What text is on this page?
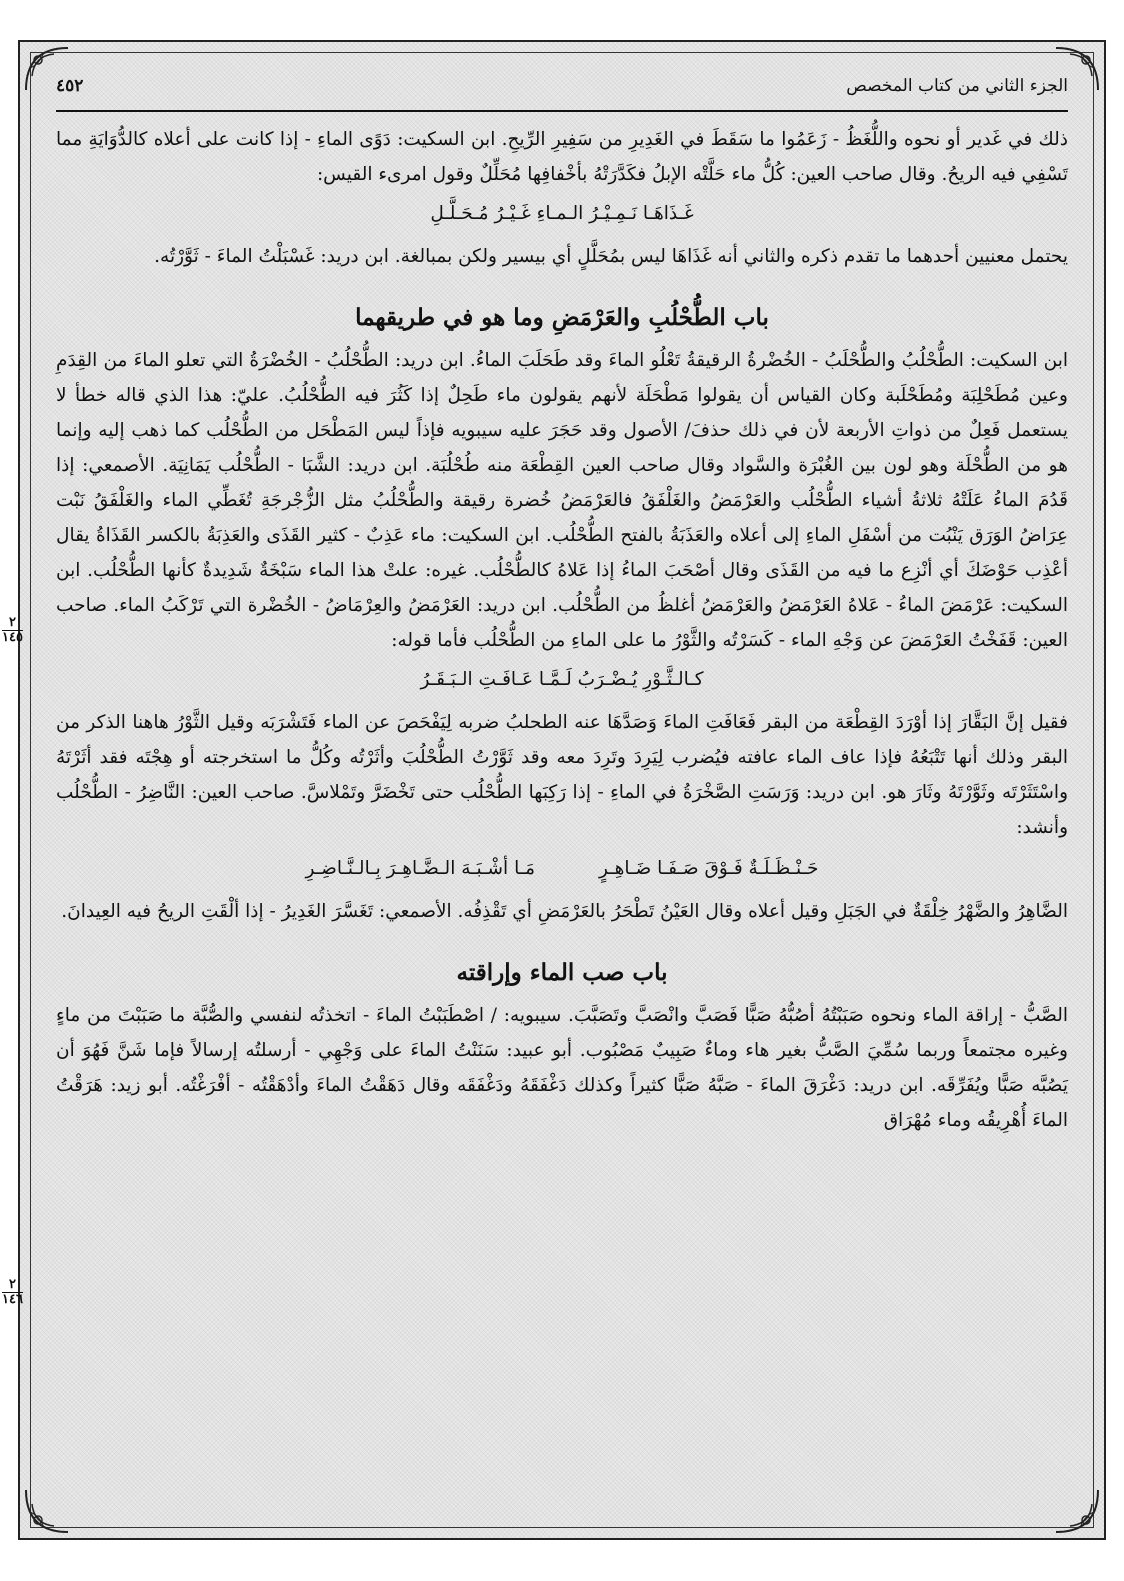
الجزء الثاني من كتاب المخصص
٤٥٢
٢
١٤٥
٢
١٤٦

ذلك في غَدير أو نحوه واللُّغَظُ - زَعَمُوا ما سَقَطَ في الغَدِيرِ من سَفِيرِ الرِّيحِ. ابن السكيت: دَوًى الماءِ - إذا كانت على أعلاه كالدُّوَايَةِ مما تَسْفِي فيه الريحُ. وقال صاحب العين: كُلُّ ماء حَلَّتْه الإبلُ فكَدَّرَتْهُ بأخْفافِها مُحَلِّلٌ وقول امرىء القيس:

غَـذَاهَـا نَـمِـيْـرُ الـمـاءِ غَـيْـرُ مُـحَـلَّـلِ

يحتمل معنيين أحدهما ما تقدم ذكره والثاني أنه غَذَاهَا ليس بمُحَلَّلٍ أي بيسير ولكن بمبالغة. ابن دريد: غَسْبَلْتُ الماءَ - ثَوَّرْتُه.

باب الطُّحْلُبِ والعَرْمَضِ وما هو في طريقهما

ابن السكيت: الطُّحْلُبُ والطُّحْلَبُ - الخُضْرةُ الرقيقةُ تَعْلُو الماءَ وقد طَحَلَبَ الماءُ. ابن دريد: الطُّحْلُبُ - الخُضْرَةُ التي تعلو الماءَ من القِدَمِ وعين مُطَحْلِبَة ومُطَحْلَبة وكان القياس أن يقولوا مَطْحَلَة لأنهم يقولون ماء طَحِلٌ إذا كَثُرَ فيه الطُّحْلُبُ. عليّ: هذا الذي قاله خطأ لا يستعمل فَعِلٌ من ذواتِ الأربعة لأن في ذلك حذفَ/ الأصول وقد حَجَرَ عليه سيبويه فإذاً ليس المَطْحَل من الطُّحْلُب كما ذهب إليه وإنما هو من الطُّحْلَة وهو لون بين الغُبْرَة والسَّواد وقال صاحب العين القِطْعَة منه طُحْلُبَة. ابن دريد: الشَّبَا - الطُّحْلُب يَمَانِيَة. الأصمعي: إذا قَدُمَ الماءُ عَلَتْهُ ثلاثةُ أشياء الطُّحْلُب والعَرْمَضُ والغَلْفَقُ فالعَرْمَضُ خُضرة رقيقة والطُّحْلُبُ مثل الزُّجْرجَةِ تُغَطِّي الماء والغَلْفَقُ نَبْت عِرَاضُ الوَرَق يَنْبُت من أسْفَلِ الماءِ إلى أعلاه والعَذَبَةُ بالفتح الطُّحْلُب. ابن السكيت: ماء عَذِبٌ - كثير القَذَى والعَذِبَةُ بالكسر القَذَاةُ يقال أعْذِب حَوْضَكَ أي أنْزِع ما فيه من القَذَى وقال أصْحَبَ الماءُ إذا عَلاهُ كالطُّحْلُب. غيره: علتْ هذا الماء سَبْخَةٌ شَدِيدةٌ كأنها الطُّحْلُب. ابن السكيت: عَرْمَضَ الماءُ - عَلاهُ العَرْمَضُ والعَرْمَضُ أغلظُ من الطُّحْلُب. ابن دريد: العَرْمَضُ والعِرْمَاضُ - الخُضْرة التي تَرْكَبُ الماء. صاحب العين: قَفَخْتُ العَرْمَضَ عن وَجْهِ الماء - كَسَرْتُه والثَّوْرُ ما على الماءِ من الطُّحْلُب فأما قوله:

كـالـثَّـوْرِ يُـضْـرَبُ لَـمَّـا عَـافَـتِ الـبَـقَـرُ

فقيل إنَّ البَقَّارَ إذا أوْرَدَ القِطْعَة من البقر فَعَافَتِ الماءَ وَصَدَّهَا عنه الطحلبُ ضربه لِيَفْحَصَ عن الماء فَتَشْرَبَه وقيل الثَّوْرُ هاهنا الذكر من البقر وذلك أنها تَتْبَعُهُ فإذا عاف الماء عافته فيُضرب لِيَرِدَ وتَرِدَ معه وقد ثَوَّرْتُ الطُّحْلُبَ وأثَرْتُه وكُلُّ ما استخرجته أو هِجْتَه فقد أثَرْتَهُ واسْتَثَرْتَه وثَوَّرْتَهُ وثَارَ هو. ابن دريد: وَرَسَتِ الصَّخْرَةُ في الماءِ - إذا رَكِبَها الطُّحْلُب حتى تَخْضَرَّ وتَمْلاسَّ. صاحب العين: النَّاضِرُ - الطُّحْلُب وأنشد:

حَـنْـظَـلَـةٌ فَـوْقَ صَـفَـا ضَـاهِـرٍ
مَـا أشْـبَـهَ الـضَّـاهِـرَ بِـالـنَّـاضِـرِ

الضَّاهِرُ والضَّهْرُ خِلْقَةٌ في الجَبَلِ وقيل أعلاه وقال العَيْنُ تَطْحَرُ بالعَرْمَضِ أي تَقْذِفُه. الأصمعي: تَغَسَّرَ الغَدِيرُ - إذا ألْقَتِ الريحُ فيه العِيدانَ.

باب صب الماء وإراقته

الصَّبُّ - إراقة الماء ونحوه صَبَبْتُهُ أصُبُّهُ صَبًّا فَصَبَّ وانْصَبَّ وتَصَبَّبَ. سيبويه: / اصْطَبَبْتُ الماءَ - اتخذتُه لنفسي والصُّبَّة ما صَبَبْتَ من ماءٍ وغيره مجتمعاً وربما سُمِّيَ الصَّبُّ بغير هاء وماءٌ صَبِيبٌ مَصْبُوب. أبو عبيد: سَنَنْتُ الماءَ على وَجْهِي - أرسلتُه إرسالاً فإما شَنَّ فَهُوَ أن يَصُبَّه صَبًّا ويُفَرِّقَه. ابن دريد: دَغْرَقَ الماءَ - صَبَّهُ صَبًّا كثيراً وكذلك دَغْفَقَهُ ودَغْفَقَه وقال دَهَقْتُ الماءَ وأدْهَقْتُه - أفْرَغْتُه. أبو زيد: هَرَقْتُ الماءَ أُهْرِيقُه وماء مُهْرَاق
